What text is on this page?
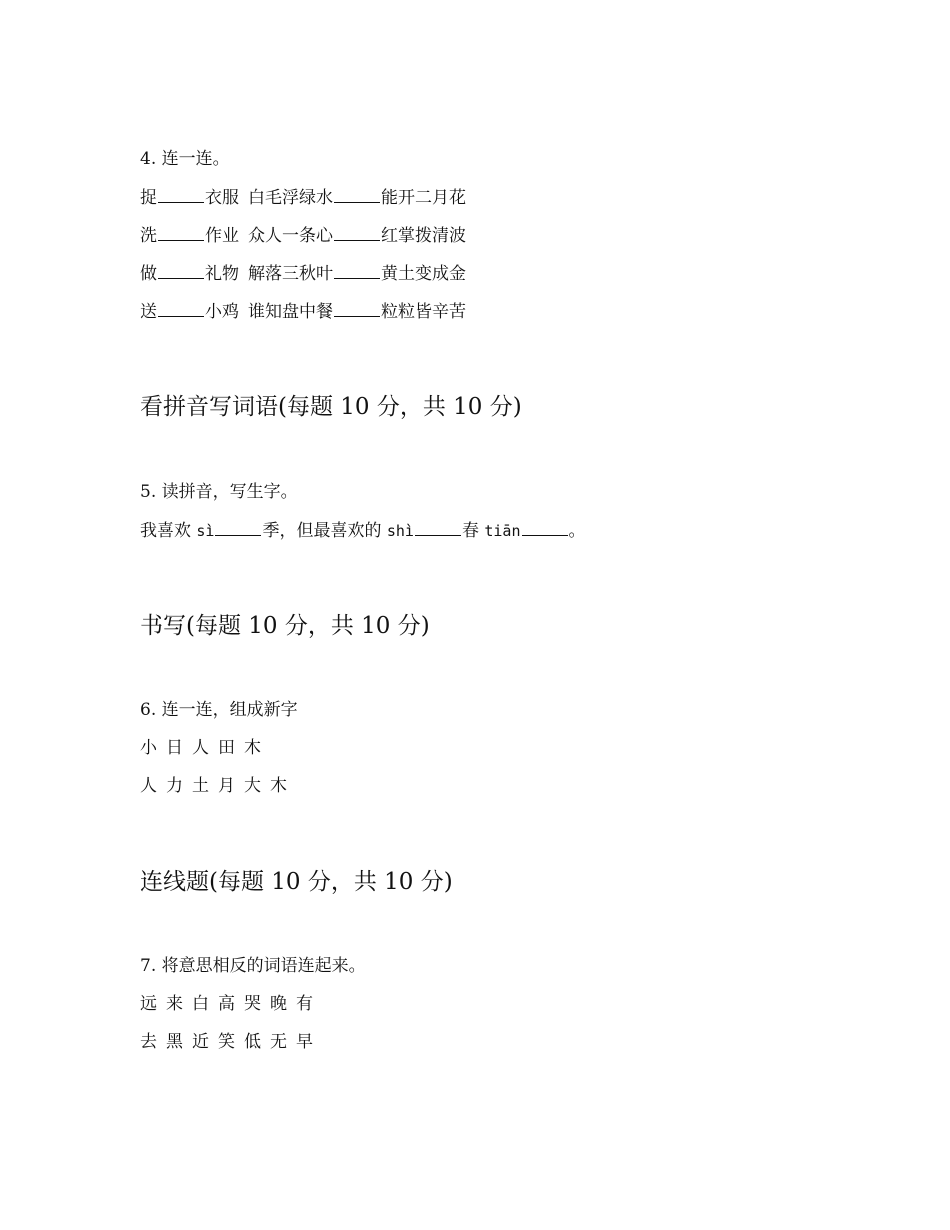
4. 连一连。
捉	衣服 白毛浮绿水	能开二月花
洗	作业 众人一条心	红掌拨清波
做	礼物 解落三秋叶	黄土变成金
送	小鸡 谁知盘中餐	粒粒皆辛苦
看拼音写词语(每题 10 分，共 10 分)
5. 读拼音，写生字。
我喜欢 sì	季，但最喜欢的 shì	春 tiān	。
书写(每题 10 分，共 10 分)
6. 连一连，组成新字
小 日 人 田 木
人 力 土 月 大 木
连线题(每题 10 分，共 10 分)
7. 将意思相反的词语连起来。
远 来 白 高 哭 晚 有
去 黑 近 笑 低 无 早
